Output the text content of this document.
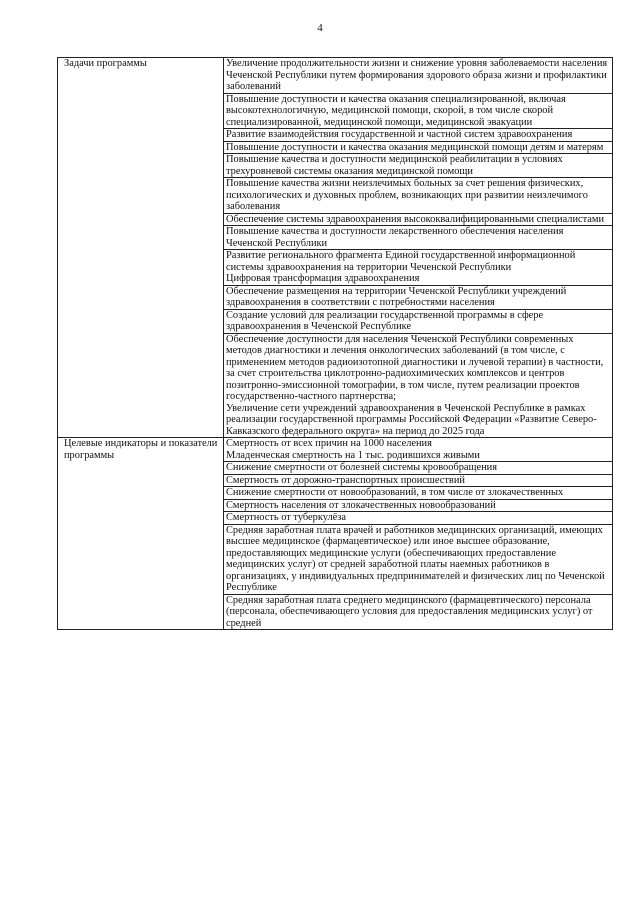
4
Задачи программы	Увеличение продолжительности жизни и снижение уровня заболеваемости населения Чеченской Республики путем формирования здорового образа жизни и профилактики заболеваний

	Повышение доступности и качества оказания специализированной, включая высокотехнологичную, медицинской помощи, скорой, в том числе скорой специализированной, медицинской помощи, медицинской эвакуации

	Развитие взаимодействия государственной и частной систем здравоохранения

	Повышение доступности и качества оказания медицинской помощи детям и матерям

	Повышение качества и доступности медицинской реабилитации в условиях трехуровневой системы оказания медицинской помощи

	Повышение качества жизни неизлечимых больных за счет решения физических, психологических и духовных проблем, возникающих при развитии неизлечимого заболевания

	Обеспечение системы здравоохранения высококвалифицированными специалистами

	Повышение качества и доступности лекарственного обеспечения населения Чеченской Республики

	Развитие регионального фрагмента Единой государственной информационной системы здравоохранения на территории Чеченской Республики
Цифровая трансформация здравоохранения

	Обеспечение размещения на территории Чеченской Республики учреждений здравоохранения в соответствии с потребностями населения

	Создание условий для реализации государственной программы в сфере здравоохранения в Чеченской Республике

	Обеспечение доступности для населения Чеченской Республики современных методов диагностики и лечения онкологических заболеваний (в том числе, с применением методов радиоизотопной диагностики и лучевой терапии) в частности, за счет строительства циклотронно-радиохимических комплексов и центров позитронно-эмиссионной томографии, в том числе, путем реализации проектов государственно-частного партнерства;
Увеличение сети учреждений здравоохранения в Чеченской Республике в рамках реализации государственной программы Российской Федерации «Развитие Северо-Кавказского федерального округа» на период до 2025 года

Целевые индикаторы и показатели программы	Смертность от всех причин на 1000 населения
Младенческая смертность на 1 тыс. родившихся живыми

	Снижение смертности от болезней системы кровообращения

	Смертность от дорожно-транспортных происшествий

	Снижение смертности от новообразований, в том числе от злокачественных

	Смертность населения от злокачественных новообразований

	Смертность от туберкулёза

	Средняя заработная плата врачей и работников медицинских организаций, имеющих высшее медицинское (фармацевтическое) или иное высшее образование, предоставляющих медицинские услуги (обеспечивающих предоставление медицинских услуг) от средней заработной платы наемных работников в организациях, у индивидуальных предпринимателей и физических лиц по Чеченской Республике

	Средняя заработная плата среднего медицинского (фармацевтического) персонала (персонала, обеспечивающего условия для предоставления медицинских услуг) от средней
